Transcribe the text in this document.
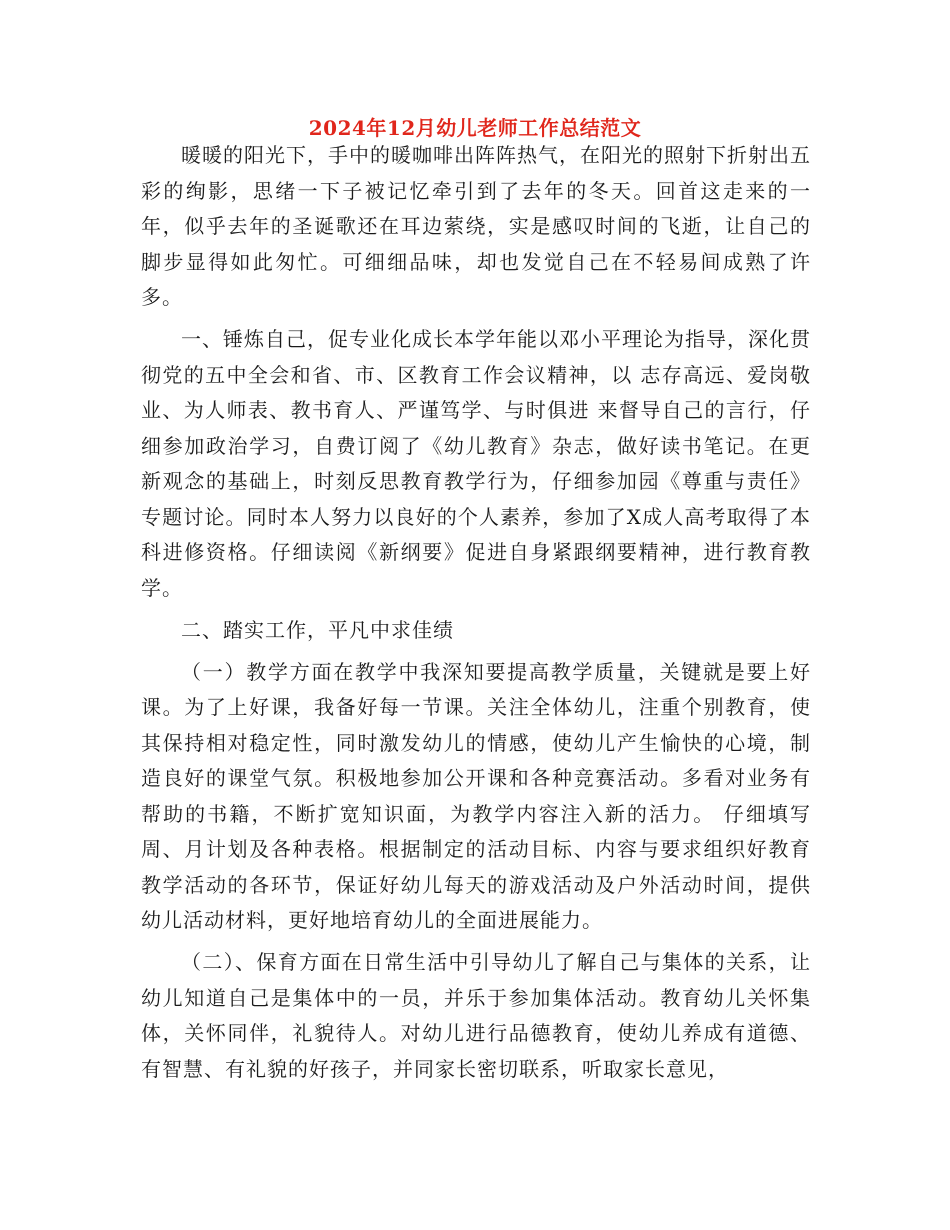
2024年12月幼儿老师工作总结范文

暖暖的阳光下，手中的暖咖啡出阵阵热气，在阳光的照射下折射出五彩的绚影，思绪一下子被记忆牵引到了去年的冬天。回首这走来的一年，似乎去年的圣诞歌还在耳边萦绕，实是感叹时间的飞逝，让自己的脚步显得如此匆忙。可细细品味，却也发觉自己在不轻易间成熟了许多。

一、锤炼自己，促专业化成长本学年能以邓小平理论为指导，深化贯彻党的五中全会和省、市、区教育工作会议精神，以 志存高远、爱岗敬业、为人师表、教书育人、严谨笃学、与时俱进 来督导自己的言行，仔细参加政治学习，自费订阅了《幼儿教育》杂志，做好读书笔记。在更新观念的基础上，时刻反思教育教学行为，仔细参加园《尊重与责任》专题讨论。同时本人努力以良好的个人素养，参加了X成人高考取得了本科进修资格。仔细读阅《新纲要》促进自身紧跟纲要精神，进行教育教学。

二、踏实工作，平凡中求佳绩

（一）教学方面在教学中我深知要提高教学质量，关键就是要上好课。为了上好课，我备好每一节课。关注全体幼儿，注重个别教育，使其保持相对稳定性，同时激发幼儿的情感，使幼儿产生愉快的心境，制造良好的课堂气氛。积极地参加公开课和各种竞赛活动。多看对业务有帮助的书籍，不断扩宽知识面，为教学内容注入新的活力。 仔细填写周、月计划及各种表格。根据制定的活动目标、内容与要求组织好教育教学活动的各环节，保证好幼儿每天的游戏活动及户外活动时间，提供幼儿活动材料，更好地培育幼儿的全面进展能力。

（二）、保育方面在日常生活中引导幼儿了解自己与集体的关系，让幼儿知道自己是集体中的一员，并乐于参加集体活动。教育幼儿关怀集体，关怀同伴，礼貌待人。对幼儿进行品德教育，使幼儿养成有道德、有智慧、有礼貌的好孩子，并同家长密切联系，听取家长意见，
